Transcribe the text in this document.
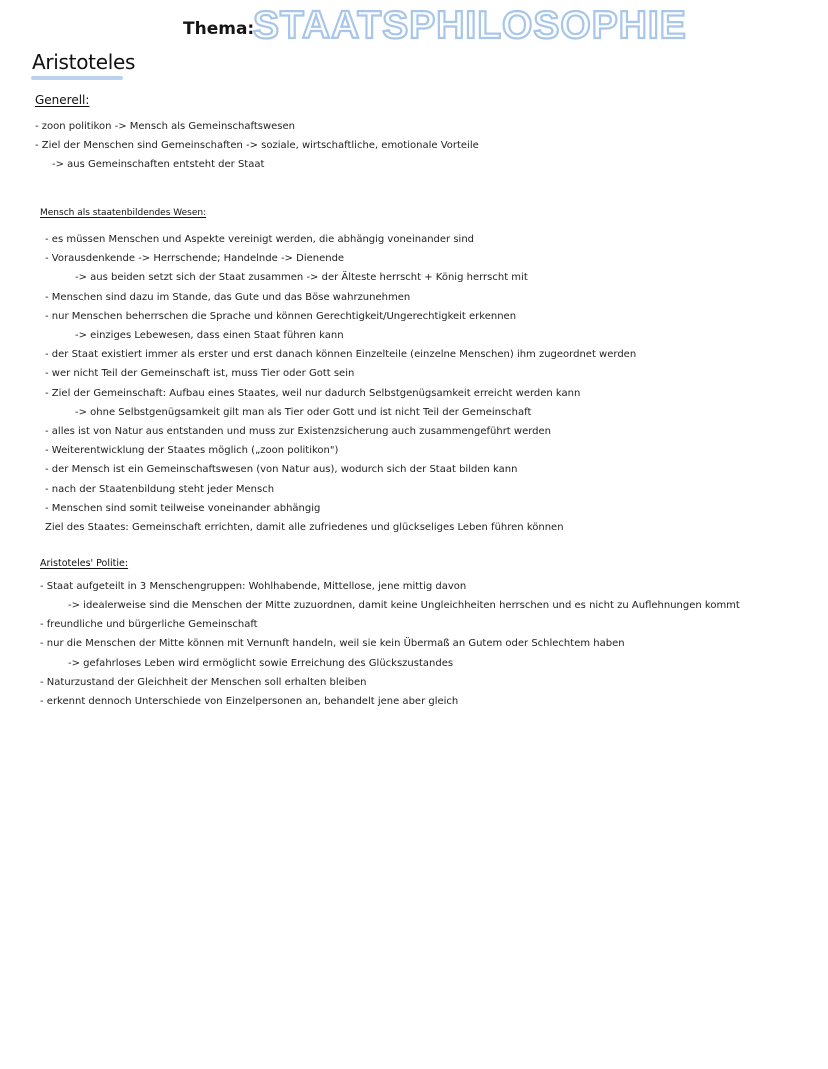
Thema:
STAATSPHILOSOPHIE
Aristoteles
Generell:
- zoon politikon -> Mensch als Gemeinschaftswesen
- Ziel der Menschen sind Gemeinschaften -> soziale, wirtschaftliche, emotionale Vorteile
-> aus Gemeinschaften entsteht der Staat
Mensch als staatenbildendes Wesen:
- es müssen Menschen und Aspekte vereinigt werden, die abhängig voneinander sind
- Vorausdenkende -> Herrschende; Handelnde -> Dienende
-> aus beiden setzt sich der Staat zusammen -> der Älteste herrscht + König herrscht mit
- Menschen sind dazu im Stande, das Gute und das Böse wahrzunehmen
- nur Menschen beherrschen die Sprache und können Gerechtigkeit/Ungerechtigkeit erkennen
-> einziges Lebewesen, dass einen Staat führen kann
- der Staat existiert immer als erster und erst danach können Einzelteile (einzelne Menschen) ihm zugeordnet werden
- wer nicht Teil der Gemeinschaft ist, muss Tier oder Gott sein
- Ziel der Gemeinschaft: Aufbau eines Staates, weil nur dadurch Selbstgenügsamkeit erreicht werden kann
-> ohne Selbstgenügsamkeit gilt man als Tier oder Gott und ist nicht Teil der Gemeinschaft
- alles ist von Natur aus entstanden und muss zur Existenzsicherung auch zusammengeführt werden
- Weiterentwicklung der Staates möglich („zoon politikon")
- der Mensch ist ein Gemeinschaftswesen (von Natur aus), wodurch sich der Staat bilden kann
- nach der Staatenbildung steht jeder Mensch
- Menschen sind somit teilweise voneinander abhängig
Ziel des Staates: Gemeinschaft errichten, damit alle zufriedenes und glückseliges Leben führen können
Aristoteles' Politie:
- Staat aufgeteilt in 3 Menschengruppen: Wohlhabende, Mittellose, jene mittig davon
-> idealerweise sind die Menschen der Mitte zuzuordnen, damit keine Ungleichheiten herrschen und es nicht zu Auflehnungen kommt
- freundliche und bürgerliche Gemeinschaft
- nur die Menschen der Mitte können mit Vernunft handeln, weil sie kein Übermaß an Gutem oder Schlechtem haben
-> gefahrloses Leben wird ermöglicht sowie Erreichung des Glückszustandes
- Naturzustand der Gleichheit der Menschen soll erhalten bleiben
- erkennt dennoch Unterschiede von Einzelpersonen an, behandelt jene aber gleich
